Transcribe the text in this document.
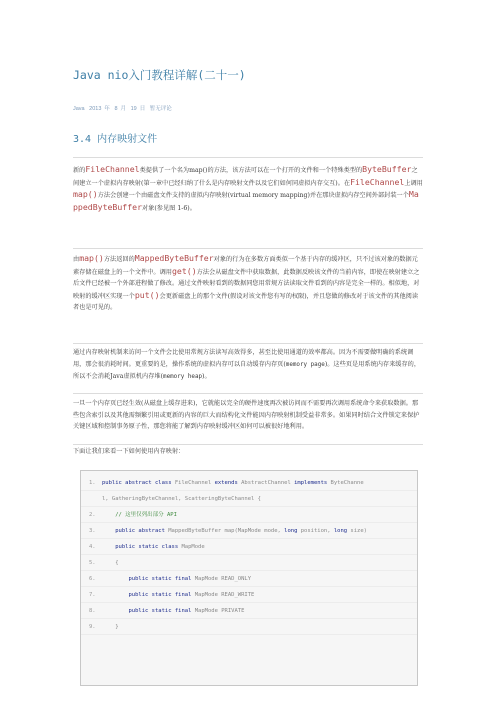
Java nio入门教程详解(二十一)
Java 2013 年 8 月 19 日 暂无评论
3.4 内存映射文件

新的FileChannel类提供了一个名为map()的方法，该方法可以在一个打开的文件和一个特殊类型的ByteBuffer之间建立一个虚拟内存映射(第一章中已经归纳了什么是内存映射文件以及它们如何同虚拟内存交互)。在FileChannel上调用map()方法会创建一个由磁盘文件支持的虚拟内存映射(virtual memory mapping)并在那块虚拟内存空间外部封装一个MappedByteBuffer对象(参见图 1-6)。

由map()方法返回的MappedByteBuffer对象的行为在多数方面类似一个基于内存的缓冲区，只不过该对象的数据元素存储在磁盘上的一个文件中。调用get()方法会从磁盘文件中获取数据，此数据反映该文件的当前内容，即使在映射建立之后文件已经被一个外部进程做了修改。通过文件映射看到的数据同您用常规方法读取文件看到的内容是完全一样的。相似地，对映射的缓冲区实现一个put()会更新磁盘上的那个文件(假设对该文件您有写的权限)，并且您做的修改对于该文件的其他阅读者也是可见的。

通过内存映射机制来访问一个文件会比使用常规方法读写高效得多，甚至比使用通道的效率都高。因为不需要做明确的系统调用，那会很消耗时间。更重要的是，操作系统的虚拟内存可以自动缓存内存页(memory page)。这些页是用系统内存来缓存的，所以不会消耗Java虚拟机内存堆(memory heap)。

一旦一个内存页已经生效(从磁盘上缓存进来)，它就能以完全的硬件速度再次被访问而不需要再次调用系统命令来获取数据。那些包含索引以及其他需频繁引用或更新的内容的巨大而结构化文件能因内存映射机制受益非常多。如果同时结合文件锁定来保护关键区域和控制事务原子性，那您将能了解到内存映射缓冲区如何可以被很好地利用。

下面让我们来看一下如何使用内存映射：

1. public abstract class FileChannel extends AbstractChannel implements ByteChanne
l, GatheringByteChannel, ScatteringByteChannel {
2.	// 这里仅列出部分 API
3.	public abstract MappedByteBuffer map(MapMode mode, long position, long size)
4.	public static class MapMode
5. {
6.	public static final MapMode READ_ONLY
7.	public static final MapMode READ_WRITE
8.	public static final MapMode PRIVATE
9. }
